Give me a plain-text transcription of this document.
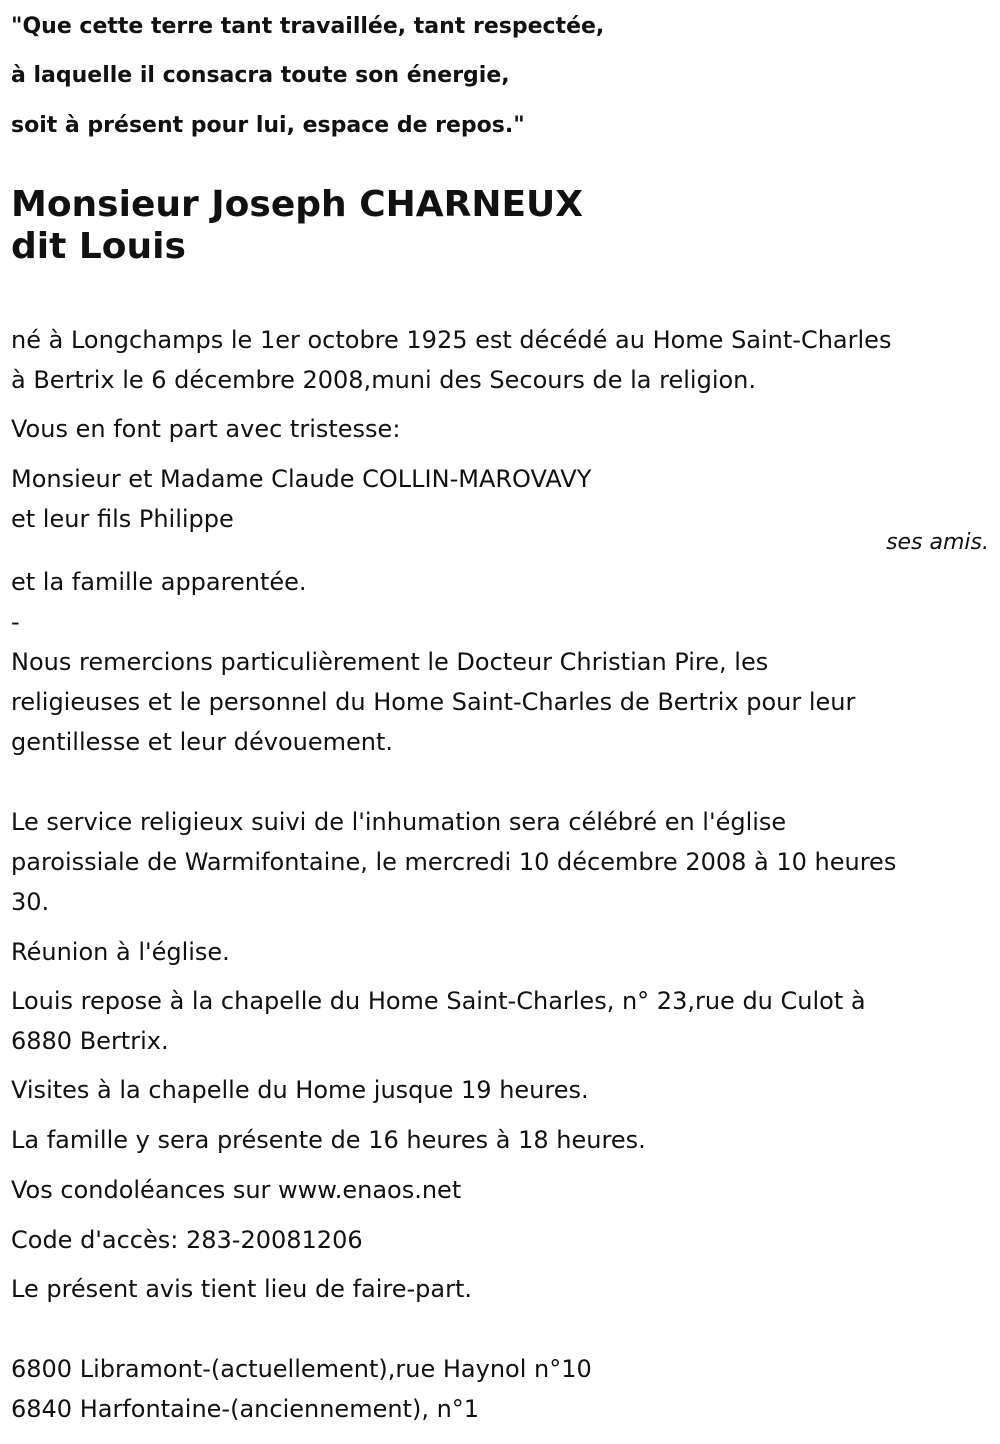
"Que cette terre tant travaillée, tant respectée,

à laquelle il consacra toute son énergie,

soit à présent pour lui, espace de repos."

Monsieur Joseph CHARNEUX
dit Louis
né à Longchamps le 1er octobre 1925 est décédé au Home Saint-Charles
à Bertrix le 6 décembre 2008,muni des Secours de la religion.
Vous en font part avec tristesse:
Monsieur et Madame Claude COLLIN-MAROVAVY
et leur fils Philippe
ses amis.
et la famille apparentée.
-
Nous remercions particulièrement le Docteur Christian Pire, les
religieuses et le personnel du Home Saint-Charles de Bertrix pour leur
gentillesse et leur dévouement.
Le service religieux suivi de l'inhumation sera célébré en l'église
paroissiale de Warmifontaine, le mercredi 10 décembre 2008 à 10 heures
30.
Réunion à l'église.
Louis repose à la chapelle du Home Saint-Charles, n° 23,rue du Culot à
6880 Bertrix.
Visites à la chapelle du Home jusque 19 heures.
La famille y sera présente de 16 heures à 18 heures.
Vos condoléances sur www.enaos.net
Code d'accès: 283-20081206
Le présent avis tient lieu de faire-part.
6800 Libramont-(actuellement),rue Haynol n°10
6840 Harfontaine-(anciennement), n°1
